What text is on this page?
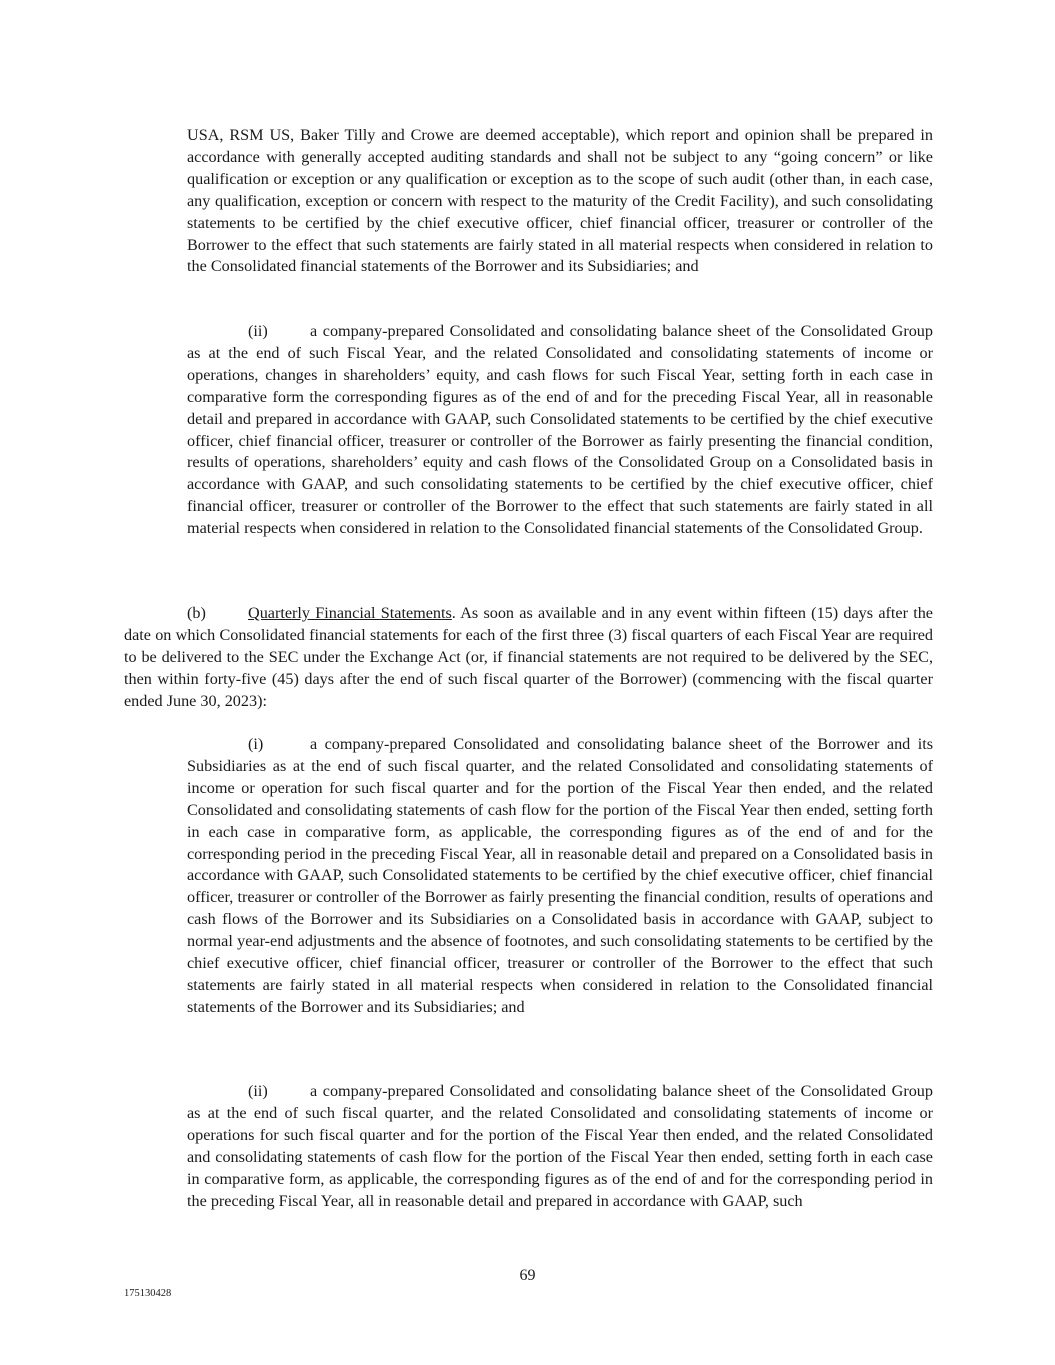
USA, RSM US, Baker Tilly and Crowe are deemed acceptable), which report and opinion shall be prepared in accordance with generally accepted auditing standards and shall not be subject to any “going concern” or like qualification or exception or any qualification or exception as to the scope of such audit (other than, in each case, any qualification, exception or concern with respect to the maturity of the Credit Facility), and such consolidating statements to be certified by the chief executive officer, chief financial officer, treasurer or controller of the Borrower to the effect that such statements are fairly stated in all material respects when considered in relation to the Consolidated financial statements of the Borrower and its Subsidiaries; and

(ii)	a company-prepared Consolidated and consolidating balance sheet of the Consolidated Group as at the end of such Fiscal Year, and the related Consolidated and consolidating statements of income or operations, changes in shareholders’ equity, and cash flows for such Fiscal Year, setting forth in each case in comparative form the corresponding figures as of the end of and for the preceding Fiscal Year, all in reasonable detail and prepared in accordance with GAAP, such Consolidated statements to be certified by the chief executive officer, chief financial officer, treasurer or controller of the Borrower as fairly presenting the financial condition, results of operations, shareholders’ equity and cash flows of the Consolidated Group on a Consolidated basis in accordance with GAAP, and such consolidating statements to be certified by the chief executive officer, chief financial officer, treasurer or controller of the Borrower to the effect that such statements are fairly stated in all material respects when considered in relation to the Consolidated financial statements of the Consolidated Group.

(b)	Quarterly Financial Statements. As soon as available and in any event within fifteen (15) days after the date on which Consolidated financial statements for each of the first three (3) fiscal quarters of each Fiscal Year are required to be delivered to the SEC under the Exchange Act (or, if financial statements are not required to be delivered by the SEC, then within forty-five (45) days after the end of such fiscal quarter of the Borrower) (commencing with the fiscal quarter ended June 30, 2023):

(i)	a company-prepared Consolidated and consolidating balance sheet of the Borrower and its Subsidiaries as at the end of such fiscal quarter, and the related Consolidated and consolidating statements of income or operation for such fiscal quarter and for the portion of the Fiscal Year then ended, and the related Consolidated and consolidating statements of cash flow for the portion of the Fiscal Year then ended, setting forth in each case in comparative form, as applicable, the corresponding figures as of the end of and for the corresponding period in the preceding Fiscal Year, all in reasonable detail and prepared on a Consolidated basis in accordance with GAAP, such Consolidated statements to be certified by the chief executive officer, chief financial officer, treasurer or controller of the Borrower as fairly presenting the financial condition, results of operations and cash flows of the Borrower and its Subsidiaries on a Consolidated basis in accordance with GAAP, subject to normal year-end adjustments and the absence of footnotes, and such consolidating statements to be certified by the chief executive officer, chief financial officer, treasurer or controller of the Borrower to the effect that such statements are fairly stated in all material respects when considered in relation to the Consolidated financial statements of the Borrower and its Subsidiaries; and

(ii)	a company-prepared Consolidated and consolidating balance sheet of the Consolidated Group as at the end of such fiscal quarter, and the related Consolidated and consolidating statements of income or operations for such fiscal quarter and for the portion of the Fiscal Year then ended, and the related Consolidated and consolidating statements of cash flow for the portion of the Fiscal Year then ended, setting forth in each case in comparative form, as applicable, the corresponding figures as of the end of and for the corresponding period in the preceding Fiscal Year, all in reasonable detail and prepared in accordance with GAAP, such

69
175130428
